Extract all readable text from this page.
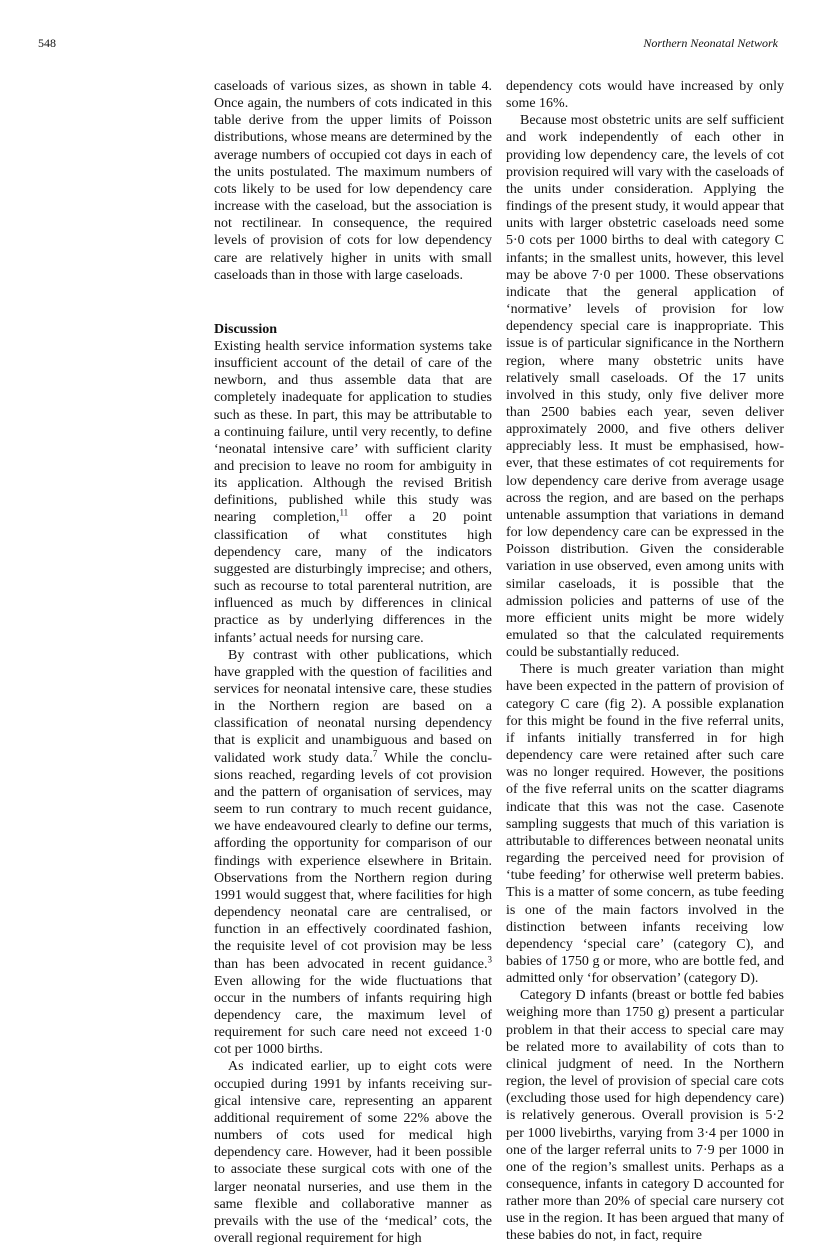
548	Northern Neonatal Network

caseloads of various sizes, as shown in table 4. Once again, the numbers of cots indicated in this table derive from the upper limits of Poisson distributions, whose means are determined by the average numbers of occupied cot days in each of the units postulated. The maximum numbers of cots likely to be used for low dependency care increase with the caseload, but the association is not rectilinear. In consequence, the required levels of provision of cots for low dependency care are relatively higher in units with small caseloads than in those with large caseloads.

Discussion

Existing health service information systems take insufficient account of the detail of care of the newborn, and thus assemble data that are completely inadequate for application to studies such as these. In part, this may be attributable to a continuing failure, until very recently, to define ‘neonatal intensive care’ with sufficient clarity and precision to leave no room for ambiguity in its application. Although the revised British definitions, published while this study was nearing completion,$^{11}$ offer a 20 point classification of what constitutes high dependency care, many of the indicators suggested are disturbingly imprecise; and others, such as recourse to total parenteral nutrition, are influenced as much by differences in clinical practice as by underlying differences in the infants’ actual needs for nursing care.

By contrast with other publications, which have grappled with the question of facilities and services for neonatal intensive care, these studies in the Northern region are based on a classification of neonatal nursing dependency that is explicit and unambiguous and based on validated work study data.$^7$ While the conclusions reached, regarding levels of cot provision and the pattern of organisation of services, may seem to run contrary to much recent guidance, we have endeavoured clearly to define our terms, affording the opportunity for comparison of our findings with experience elsewhere in Britain. Observations from the Northern region during 1991 would suggest that, where facilities for high dependency neonatal care are centralised, or function in an effectively coordinated fashion, the requisite level of cot provision may be less than has been advocated in recent guidance.$^3$ Even allowing for the wide fluctuations that occur in the numbers of infants requiring high dependency care, the maximum level of requirement for such care need not exceed 1·0 cot per 1000 births.

As indicated earlier, up to eight cots were occupied during 1991 by infants receiving surgical intensive care, representing an apparent additional requirement of some 22% above the numbers of cots used for medical high dependency care. However, had it been possible to associate these surgical cots with one of the larger neonatal nurseries, and use them in the same flexible and collaborative manner as prevails with the use of the ‘medical’ cots, the overall regional requirement for high

dependency cots would have increased by only some 16%.

Because most obstetric units are self sufficient and work independently of each other in providing low dependency care, the levels of cot provision required will vary with the caseloads of the units under consideration. Applying the findings of the present study, it would appear that units with larger obstetric caseloads need some 5·0 cots per 1000 births to deal with category C infants; in the smallest units, however, this level may be above 7·0 per 1000. These observations indicate that the general application of ‘normative’ levels of provision for low dependency special care is inappropriate. This issue is of particular significance in the Northern region, where many obstetric units have relatively small caseloads. Of the 17 units involved in this study, only five deliver more than 2500 babies each year, seven deliver approximately 2000, and five others deliver appreciably less. It must be emphasised, however, that these estimates of cot requirements for low dependency care derive from average usage across the region, and are based on the perhaps untenable assumption that variations in demand for low dependency care can be expressed in the Poisson distribution. Given the considerable variation in use observed, even among units with similar caseloads, it is possible that the admission policies and patterns of use of the more efficient units might be more widely emulated so that the calculated requirements could be substantially reduced.

There is much greater variation than might have been expected in the pattern of provision of category C care (fig 2). A possible explanation for this might be found in the five referral units, if infants initially transferred in for high dependency care were retained after such care was no longer required. However, the positions of the five referral units on the scatter diagrams indicate that this was not the case. Casenote sampling suggests that much of this variation is attributable to differences between neonatal units regarding the perceived need for provision of ‘tube feeding’ for otherwise well preterm babies. This is a matter of some concern, as tube feeding is one of the main factors involved in the distinction between infants receiving low dependency ‘special care’ (category C), and babies of 1750 g or more, who are bottle fed, and admitted only ‘for observation’ (category D).

Category D infants (breast or bottle fed babies weighing more than 1750 g) present a particular problem in that their access to special care may be related more to availability of cots than to clinical judgment of need. In the Northern region, the level of provision of special care cots (excluding those used for high dependency care) is relatively generous. Overall provision is 5·2 per 1000 livebirths, varying from 3·4 per 1000 in one of the larger referral units to 7·9 per 1000 in one of the region’s smallest units. Perhaps as a consequence, infants in category D accounted for rather more than 20% of special care nursery cot use in the region. It has been argued that many of these babies do not, in fact, require
